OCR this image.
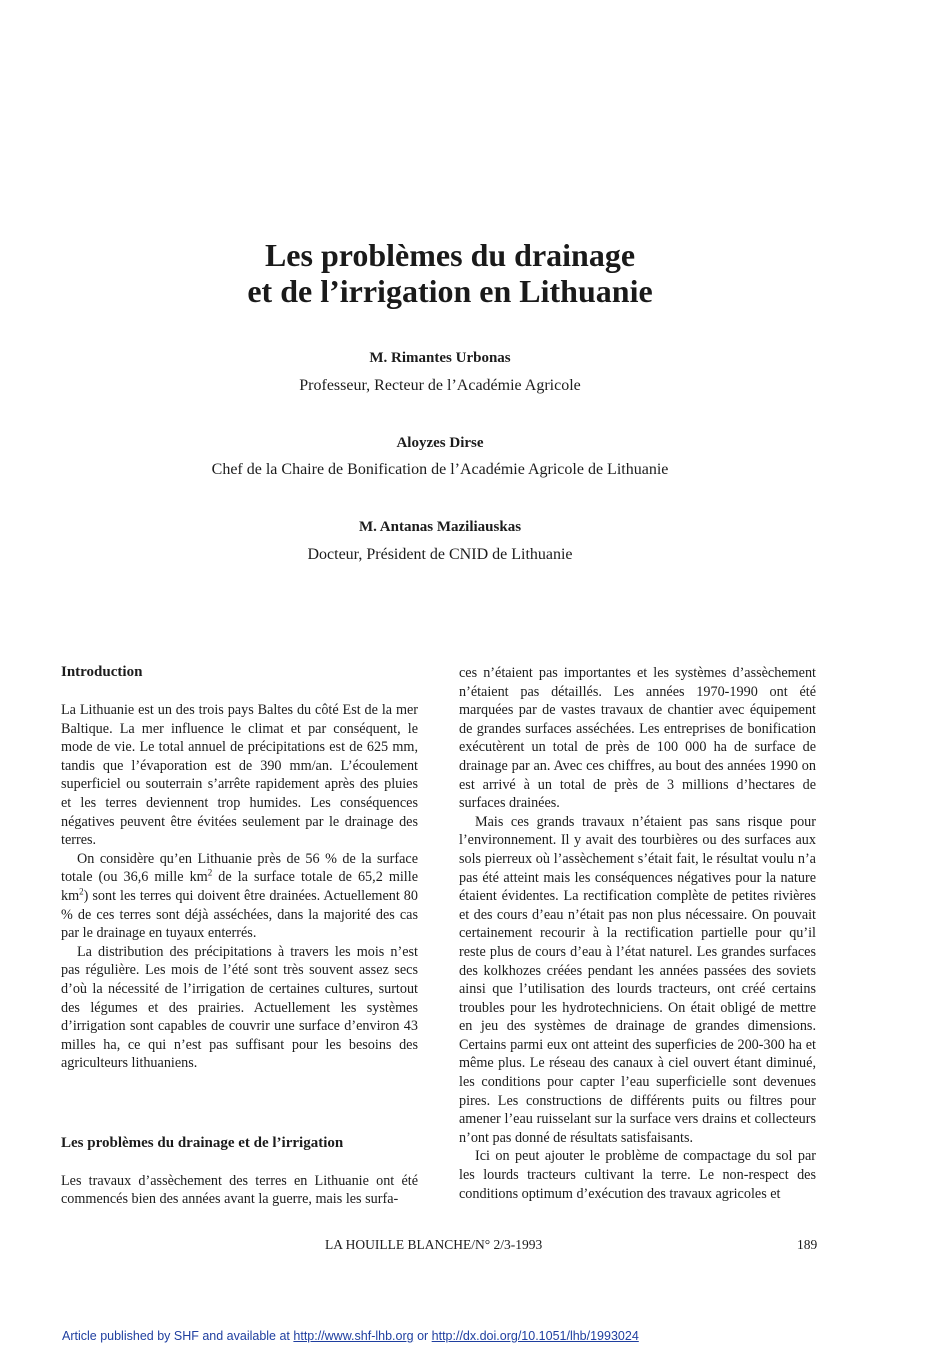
Les problèmes du drainage
et de l’irrigation en Lithuanie
M. Rimantes Urbonas
Professeur, Recteur de l’Académie Agricole
Aloyzes Dirse
Chef de la Chaire de Bonification de l’Académie Agricole de Lithuanie
M. Antanas Maziliauskas
Docteur, Président de CNID de Lithuanie

Introduction

La Lithuanie est un des trois pays Baltes du côté Est de la mer Baltique. La mer influence le climat et par conséquent, le mode de vie. Le total annuel de précipitations est de 625 mm, tandis que l’évaporation est de 390 mm/an. L’écoulement superficiel ou souterrain s’arrête rapidement après des pluies et les terres deviennent trop humides. Les conséquences négatives peuvent être évitées seulement par le drainage des terres.

On considère qu’en Lithuanie près de 56 % de la surface totale (ou 36,6 mille $km^2$ de la surface totale de 65,2 mille $km^2$) sont les terres qui doivent être drainées. Actuellement 80 % de ces terres sont déjà asséchées, dans la majorité des cas par le drainage en tuyaux enterrés.

La distribution des précipitations à travers les mois n’est pas régulière. Les mois de l’été sont très souvent assez secs d’où la nécessité de l’irrigation de certaines cultures, surtout des légumes et des prairies. Actuellement les systèmes d’irrigation sont capables de couvrir une surface d’environ 43 milles ha, ce qui n’est pas suffisant pour les besoins des agriculteurs lithuaniens.

Les problèmes du drainage et de l’irrigation

Les travaux d’assèchement des terres en Lithuanie ont été commencés bien des années avant la guerre, mais les surfa-

ces n’étaient pas importantes et les systèmes d’assèchement n’étaient pas détaillés. Les années 1970-1990 ont été marquées par de vastes travaux de chantier avec équipement de grandes surfaces asséchées. Les entreprises de bonification exécutèrent un total de près de 100 000 ha de surface de drainage par an. Avec ces chiffres, au bout des années 1990 on est arrivé à un total de près de 3 millions d’hectares de surfaces drainées.

Mais ces grands travaux n’étaient pas sans risque pour l’environnement. Il y avait des tourbières ou des surfaces aux sols pierreux où l’assèchement s’était fait, le résultat voulu n’a pas été atteint mais les conséquences négatives pour la nature étaient évidentes. La rectification complète de petites rivières et des cours d’eau n’était pas non plus nécessaire. On pouvait certainement recourir à la rectification partielle pour qu’il reste plus de cours d’eau à l’état naturel. Les grandes surfaces des kolkhozes créées pendant les années passées des soviets ainsi que l’utilisation des lourds tracteurs, ont créé certains troubles pour les hydrotechniciens. On était obligé de mettre en jeu des systèmes de drainage de grandes dimensions. Certains parmi eux ont atteint des superficies de 200-300 ha et même plus. Le réseau des canaux à ciel ouvert étant diminué, les conditions pour capter l’eau superficielle sont devenues pires. Les constructions de différents puits ou filtres pour amener l’eau ruisselant sur la surface vers drains et collecteurs n’ont pas donné de résultats satisfaisants.

Ici on peut ajouter le problème de compactage du sol par les lourds tracteurs cultivant la terre. Le non-respect des conditions optimum d’exécution des travaux agricoles et

LA HOUILLE BLANCHE/N° 2/3-1993	189
Article published by SHF and available at http://www.shf-lhb.org or http://dx.doi.org/10.1051/lhb/1993024
